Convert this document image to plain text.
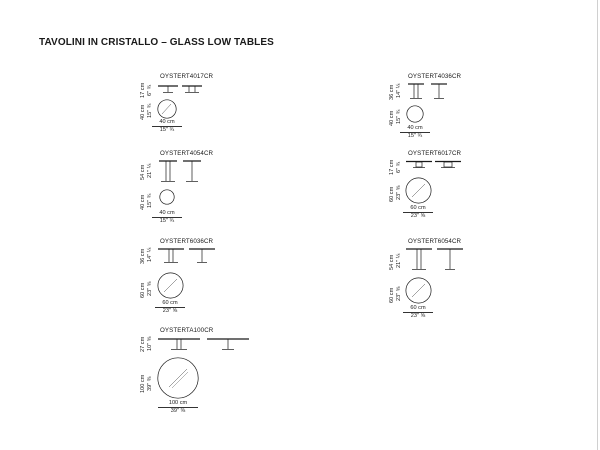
TAVOLINI IN CRISTALLO – GLASS LOW TABLES
OYSTERT4017CR
17 cm 6" ¾
40 cm 15" ¾
40 cm
15" ¾
OYSTERT4054CR
54 cm 21" ¼
40 cm 15" ¾
40 cm
15" ¾
OYSTERT6036CR
36 cm 14" ¼
60 cm 23" ⅝
60 cm
23" ⅝
OYSTERTA100CR
27 cm 10" ⅝
100 cm 39" ⅜
100 cm
39" ⅜
OYSTERT4036CR
36 cm 14" ¼
40 cm 15" ¾
40 cm
15" ¾
OYSTERT6017CR
17 cm 6" ¾
60 cm 23" ⅝
60 cm
23" ⅝
OYSTERT6054CR
54 cm 21" ¼
60 cm 23" ⅝
60 cm
23" ⅝
